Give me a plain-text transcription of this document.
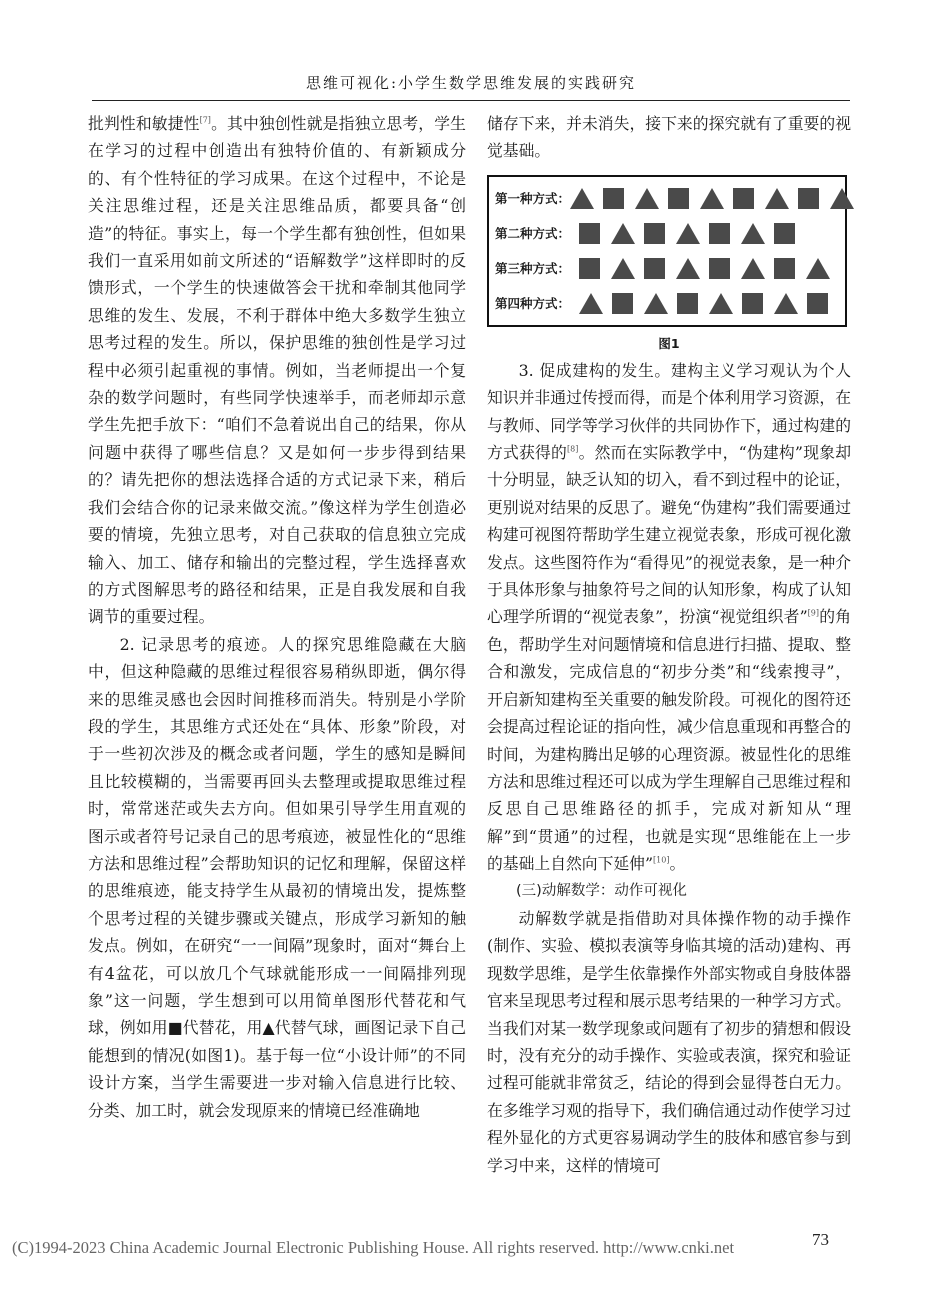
思维可视化:小学生数学思维发展的实践研究

批判性和敏捷性[7]。其中独创性就是指独立思考，学生在学习的过程中创造出有独特价值的、有新颖成分的、有个性特征的学习成果。在这个过程中，不论是关注思维过程，还是关注思维品质，都要具备“创造”的特征。事实上，每一个学生都有独创性，但如果我们一直采用如前文所述的“语解数学”这样即时的反馈形式，一个学生的快速做答会干扰和牵制其他同学思维的发生、发展，不利于群体中绝大多数学生独立思考过程的发生。所以，保护思维的独创性是学习过程中必须引起重视的事情。例如，当老师提出一个复杂的数学问题时，有些同学快速举手，而老师却示意学生先把手放下：“咱们不急着说出自己的结果，你从问题中获得了哪些信息？又是如何一步步得到结果的？请先把你的想法选择合适的方式记录下来，稍后我们会结合你的记录来做交流。”像这样为学生创造必要的情境，先独立思考，对自己获取的信息独立完成输入、加工、储存和输出的完整过程，学生选择喜欢的方式图解思考的路径和结果，正是自我发展和自我调节的重要过程。

2. 记录思考的痕迹。人的探究思维隐藏在大脑中，但这种隐藏的思维过程很容易稍纵即逝，偶尔得来的思维灵感也会因时间推移而消失。特别是小学阶段的学生，其思维方式还处在“具体、形象”阶段，对于一些初次涉及的概念或者问题，学生的感知是瞬间且比较模糊的，当需要再回头去整理或提取思维过程时，常常迷茫或失去方向。但如果引导学生用直观的图示或者符号记录自己的思考痕迹，被显性化的“思维方法和思维过程”会帮助知识的记忆和理解，保留这样的思维痕迹，能支持学生从最初的情境出发，提炼整个思考过程的关键步骤或关键点，形成学习新知的触发点。例如，在研究“一一间隔”现象时，面对“舞台上有4盆花，可以放几个气球就能形成一一间隔排列现象”这一问题，学生想到可以用简单图形代替花和气球，例如用■代替花，用▲代替气球，画图记录下自己能想到的情况(如图1)。基于每一位“小设计师”的不同设计方案，当学生需要进一步对输入信息进行比较、分类、加工时，就会发现原来的情境已经准确地

储存下来，并未消失，接下来的探究就有了重要的视觉基础。

第一种方式：
第二种方式：
第三种方式：
第四种方式：
图1

3. 促成建构的发生。建构主义学习观认为个人知识并非通过传授而得，而是个体利用学习资源，在与教师、同学等学习伙伴的共同协作下，通过构建的方式获得的[8]。然而在实际教学中，“伪建构”现象却十分明显，缺乏认知的切入，看不到过程中的论证，更别说对结果的反思了。避免“伪建构”我们需要通过构建可视图符帮助学生建立视觉表象，形成可视化激发点。这些图符作为“看得见”的视觉表象，是一种介于具体形象与抽象符号之间的认知形象，构成了认知心理学所谓的“视觉表象”，扮演“视觉组织者”[9]的角色，帮助学生对问题情境和信息进行扫描、提取、整合和激发，完成信息的“初步分类”和“线索搜寻”，开启新知建构至关重要的触发阶段。可视化的图符还会提高过程论证的指向性，减少信息重现和再整合的时间，为建构腾出足够的心理资源。被显性化的思维方法和思维过程还可以成为学生理解自己思维过程和反思自己思维路径的抓手，完成对新知从“理解”到“贯通”的过程，也就是实现“思维能在上一步的基础上自然向下延伸”[10]。

(三)动解数学：动作可视化

动解数学就是指借助对具体操作物的动手操作(制作、实验、模拟表演等身临其境的活动)建构、再现数学思维，是学生依靠操作外部实物或自身肢体器官来呈现思考过程和展示思考结果的一种学习方式。当我们对某一数学现象或问题有了初步的猜想和假设时，没有充分的动手操作、实验或表演，探究和验证过程可能就非常贫乏，结论的得到会显得苍白无力。在多维学习观的指导下，我们确信通过动作使学习过程外显化的方式更容易调动学生的肢体和感官参与到学习中来，这样的情境可

(C)1994-2023 China Academic Journal Electronic Publishing House. All rights reserved. http://www.cnki.net	73
